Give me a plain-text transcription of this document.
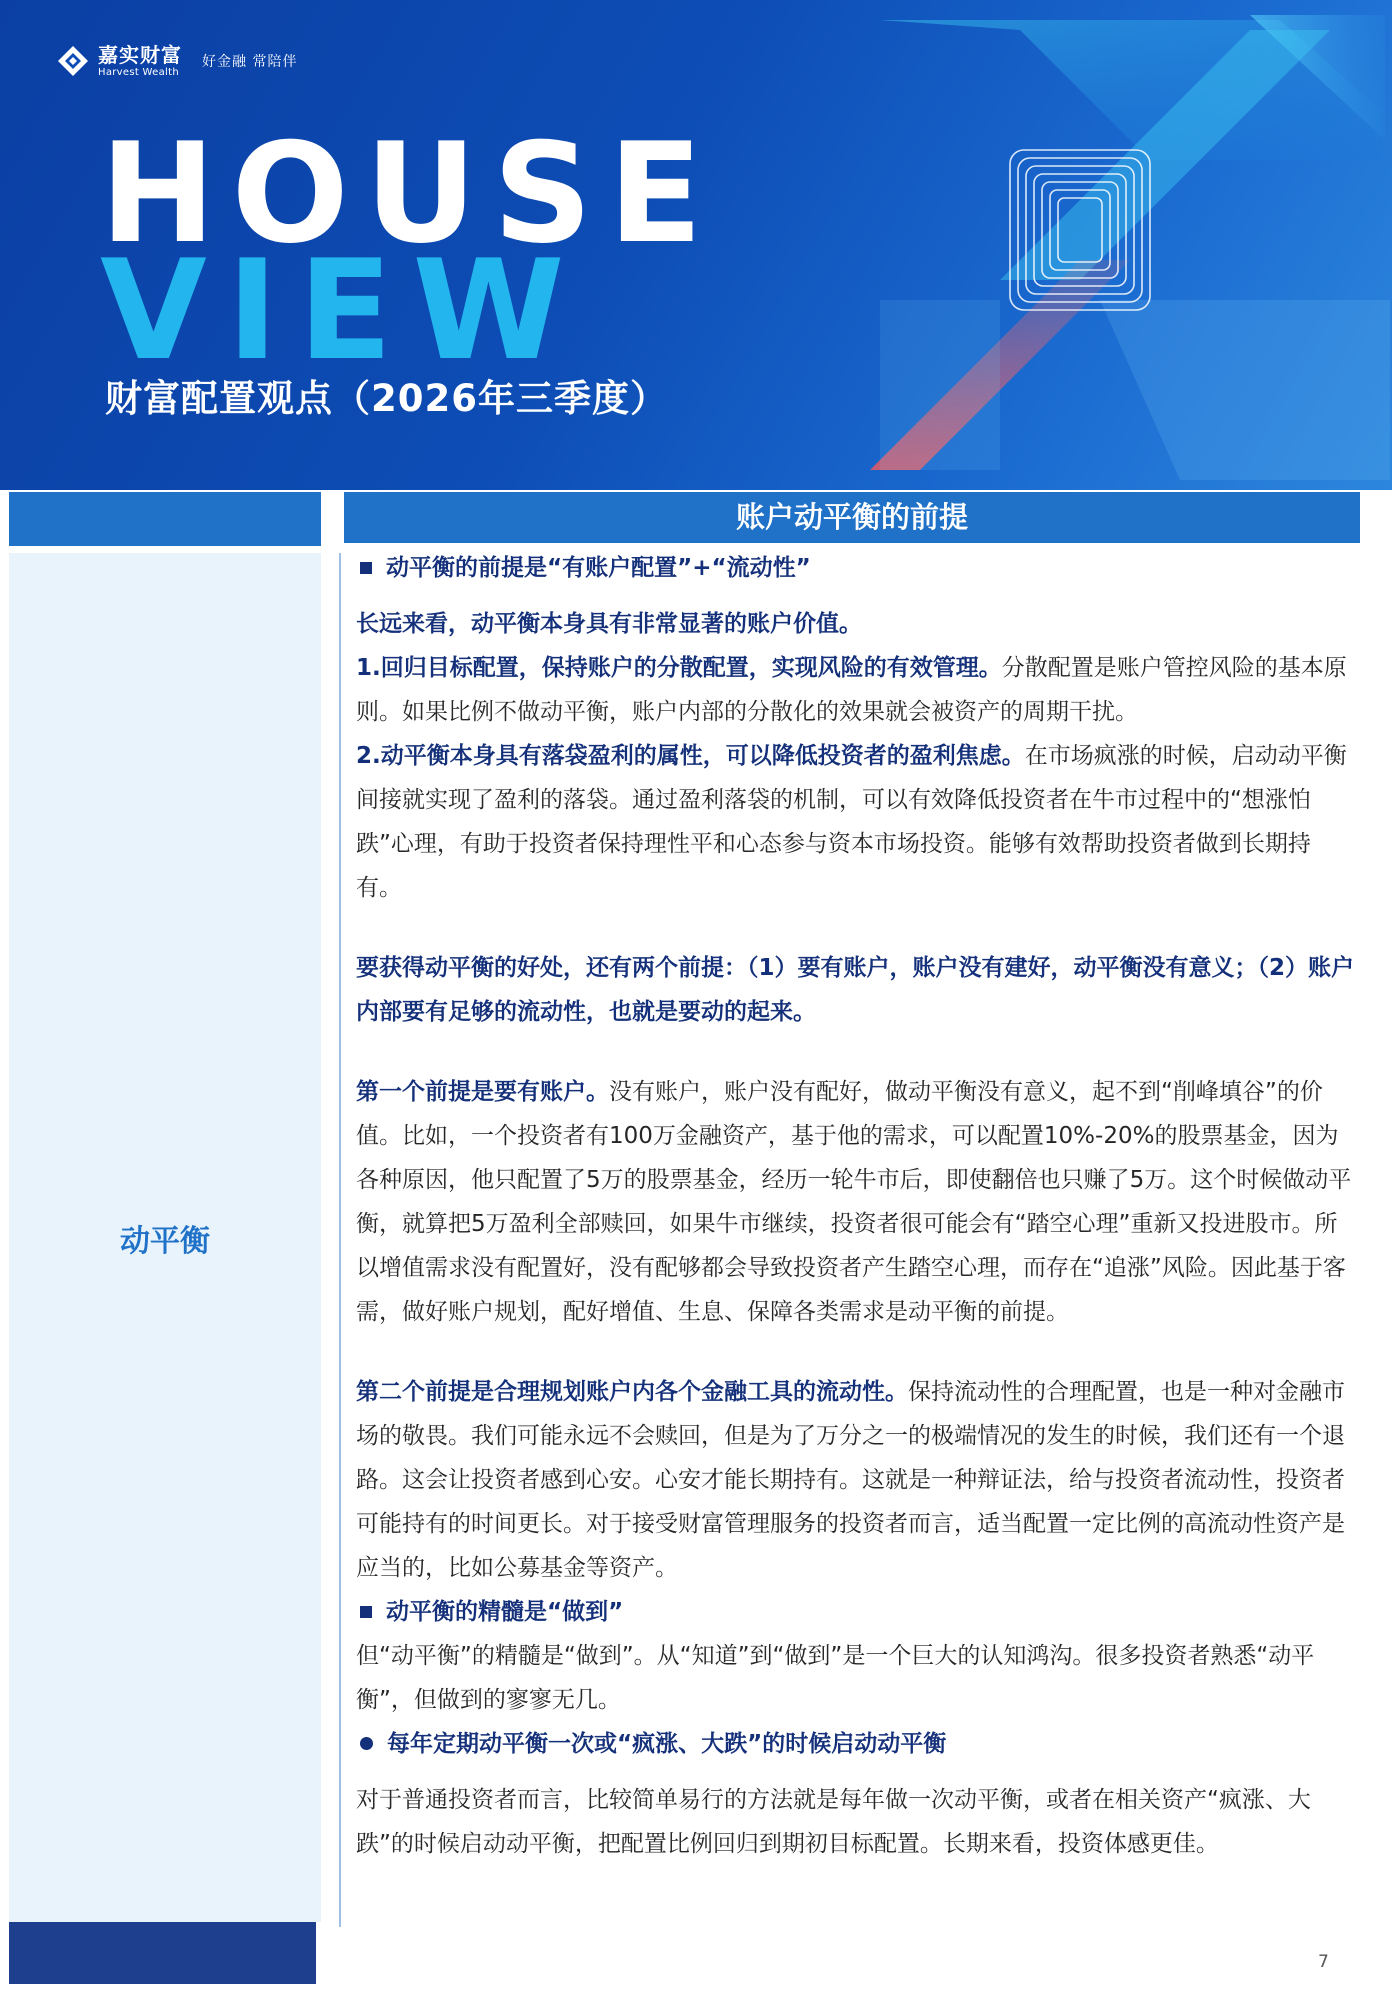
嘉实财富
Harvest Wealth
好金融 常陪伴
HOUSE
VIEW
财富配置观点（2026年三季度）
动平衡
账户动平衡的前提

动平衡的前提是“有账户配置”+“流动性”

长远来看，动平衡本身具有非常显著的账户价值。

1.回归目标配置，保持账户的分散配置，实现风险的有效管理。分散配置是账户管控风险的基本原则。如果比例不做动平衡，账户内部的分散化的效果就会被资产的周期干扰。

2.动平衡本身具有落袋盈利的属性，可以降低投资者的盈利焦虑。在市场疯涨的时候，启动动平衡间接就实现了盈利的落袋。通过盈利落袋的机制，可以有效降低投资者在牛市过程中的“想涨怕跌”心理，有助于投资者保持理性平和心态参与资本市场投资。能够有效帮助投资者做到长期持有。

要获得动平衡的好处，还有两个前提：（1）要有账户，账户没有建好，动平衡没有意义；（2）账户内部要有足够的流动性，也就是要动的起来。

第一个前提是要有账户。没有账户，账户没有配好，做动平衡没有意义，起不到“削峰填谷”的价值。比如，一个投资者有100万金融资产，基于他的需求，可以配置10%-20%的股票基金，因为各种原因，他只配置了5万的股票基金，经历一轮牛市后，即使翻倍也只赚了5万。这个时候做动平衡，就算把5万盈利全部赎回，如果牛市继续，投资者很可能会有“踏空心理”重新又投进股市。所以增值需求没有配置好，没有配够都会导致投资者产生踏空心理，而存在“追涨”风险。因此基于客需，做好账户规划，配好增值、生息、保障各类需求是动平衡的前提。

第二个前提是合理规划账户内各个金融工具的流动性。保持流动性的合理配置，也是一种对金融市场的敬畏。我们可能永远不会赎回，但是为了万分之一的极端情况的发生的时候，我们还有一个退路。这会让投资者感到心安。心安才能长期持有。这就是一种辩证法，给与投资者流动性，投资者可能持有的时间更长。对于接受财富管理服务的投资者而言，适当配置一定比例的高流动性资产是应当的，比如公募基金等资产。

动平衡的精髓是“做到”

但“动平衡”的精髓是“做到”。从“知道”到“做到”是一个巨大的认知鸿沟。很多投资者熟悉“动平衡”，但做到的寥寥无几。

每年定期动平衡一次或“疯涨、大跌”的时候启动动平衡

对于普通投资者而言，比较简单易行的方法就是每年做一次动平衡，或者在相关资产“疯涨、大跌”的时候启动动平衡，把配置比例回归到期初目标配置。长期来看，投资体感更佳。

7
